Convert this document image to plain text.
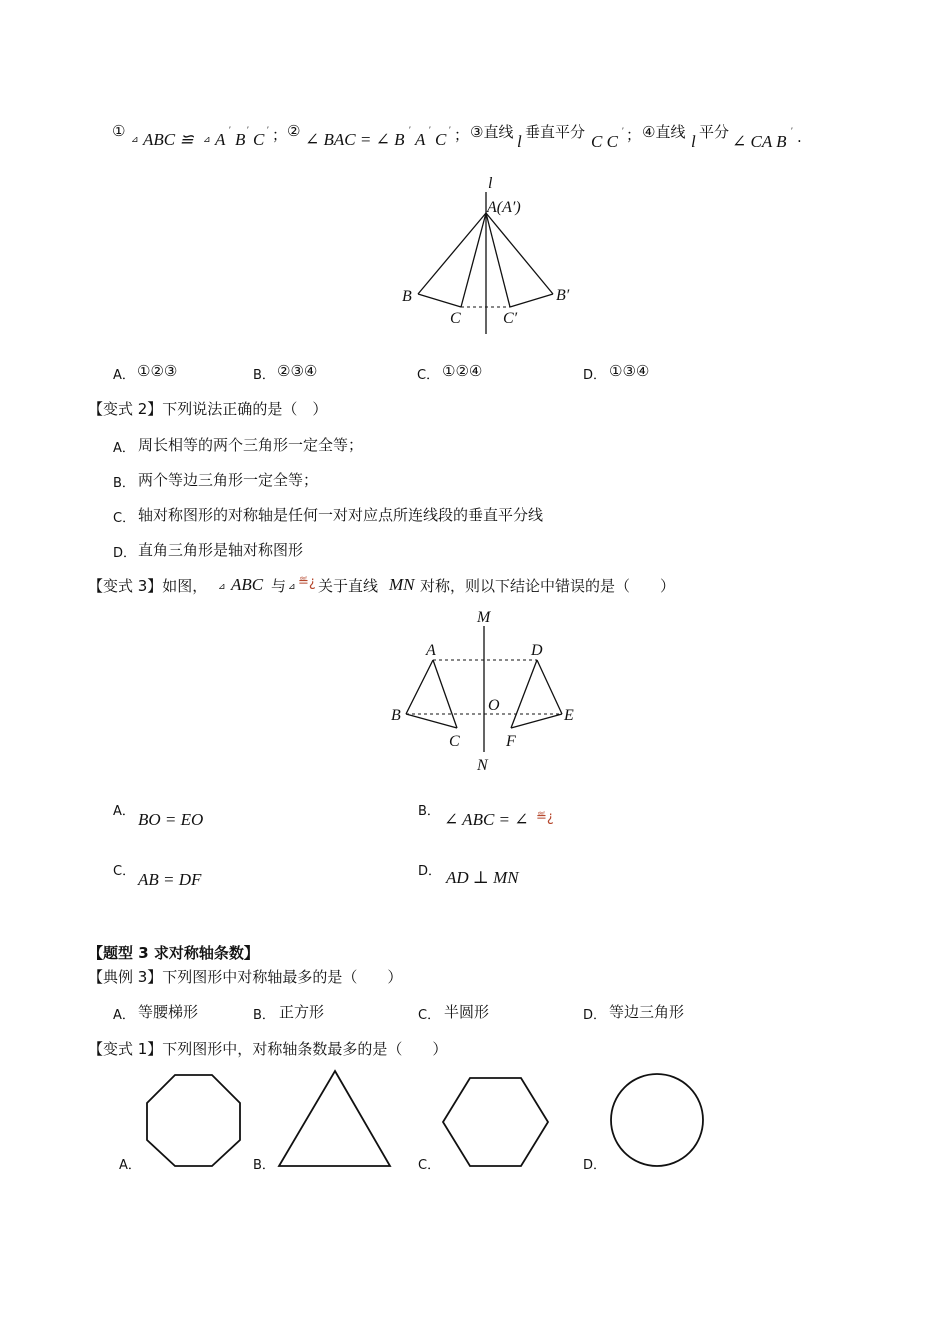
① ⊿ ABC ≌ ⊿ A ′ B ′ C ′ ； ② ∠ BAC = ∠ B ′ A ′ C ′ ； ③直线 l 垂直平分 C C
′ ； ④直线 l 平分 ∠ CA B
′ .
l
A(A′)
B	B′
C	C′
A． ①②③	B． ②③④	C． ①②④	D． ①③④
【变式 2】下列说法正确的是（　）
A． 周长相等的两个三角形一定全等；
B． 两个等边三角形一定全等；
C． 轴对称图形的对称轴是任何一对对应点所连线段的垂直平分线
D． 直角三角形是轴对称图形
【变式 3】如图， ⊿ ABC 与 ⊿ ≝¿ 关于直线 MN 对称，则以下结论中错误的是（　　）
M
N
A	D
B	E
C	F
O
A． BO = EO	B． ∠ ABC = ∠ ≝¿
C． AB = DF	D． AD ⊥ MN
【题型 3 求对称轴条数】
【典例 3】下列图形中对称轴最多的是（　　）
A． 等腰梯形	B． 正方形	C． 半圆形	D． 等边三角形
【变式 1】下列图形中，对称轴条数最多的是（　　）
A．	B．	C．	D．
